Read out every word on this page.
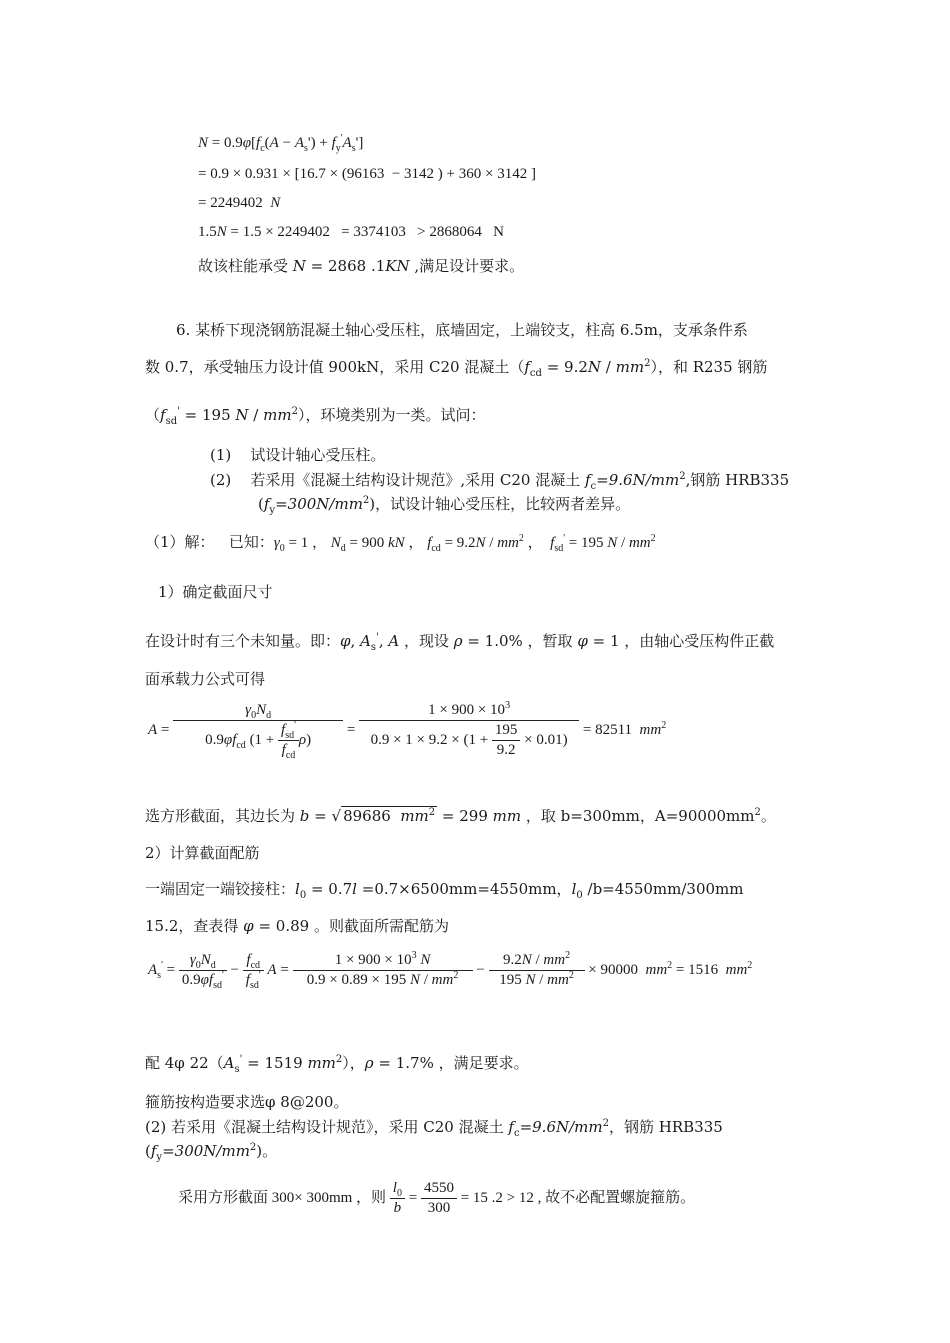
$N = 0.9\varphi[f_c(A - A_s') + f_y'A_s']$
= 0.9 × 0.931 × [16.7 × (96163  − 3142 ) + 360 × 3142 ]
= 2249402  N
1.5N = 1.5 × 2249402   = 3374103   > 2868064   N
故该柱能承受 N = 2868 .1KN ,满足设计要求。
6. 某桥下现浇钢筋混凝土轴心受压柱，底墙固定，上端铰支，柱高 6.5m，支承条件系
数 0.7，承受轴压力设计值 900kN，采用 C20 混凝土$(f_{cd} = 9.2N / mm^2)$，和 R235 钢筋
（$f_{sd}' = 195$ N / $mm^2$），环境类别为一类。试问：
(1) 试设计轴心受压柱。
(2)    若采用《混凝土结构设计规范》,采用 C20 混凝土 $f_c=9.6N/mm^2$,钢筋 HRB335
$(f_y=300N/mm^2)$，试设计轴心受压柱，比较两者差异。
（1）解： 已知：$\gamma_0 = 1$ ， $N_d = 900$ kN ， $f_{cd} = 9.2N / mm^2$ ，  $f_{sd}' = 195$ N / $mm^2$
1）确定截面尺寸
在设计时有三个未知量。即：φ, $A_s'$, A ，现设 ρ = 1.0% ，暂取 φ = 1 ，由轴心受压构件正截
面承载力公式可得
$A = \frac{\gamma_0N_d}{0.9\varphi f_{cd} (1 + \frac{f_{sd}'}{f_{cd}} \rho)} = \frac{1 \times 900 \times 10^3}{0.9 \times 1 \times 9.2 \times (1 + \frac{195}{9.2} \times 0.01)} = 82511$  $mm^2$
选方形截面，其边长为 b = √ 89686  $mm^2 = 299$ mm ，取 b=300mm，$A=90000mm^2$。
2）计算截面配筋
一端固定一端铰接柱：$l_0 = 0.7l =0.7\times 6500mm=4550mm$，$l_0$ /b=4550mm/300mm
15.2，查表得 φ = 0.89 。则截面所需配筋为
$A_s' = \frac{\gamma_0N_d}{0.9\varphi f_{sd}'} - \frac{f_{cd}}{f_{sd}'}$ $A = \frac{1 \times 900 \times 10^3 N}{0.9 \times 0.89 \times 195 N / mm^2} - \frac{9.2N / mm^2}{195 N / mm^2} \times 90000$  $mm^2 = 1516$  $mm^2$
配 4φ $22(A_s' = 1519$ $mm^2$），ρ = 1.7% ，满足要求。
箍筋按构造要求选φ 8@200。
(2) 若采用《混凝土结构设计规范》，采用 C20 混凝土 $f_c=9.6N/mm^2$，钢筋 HRB335
$(f_y=300N/mm^2)$。
采用方形截面 300× 300mm ，则 $\frac{l_0}{b} = \frac{4550}{300} = 15$ .2 > 12 , 故不必配置螺旋箍筋。
